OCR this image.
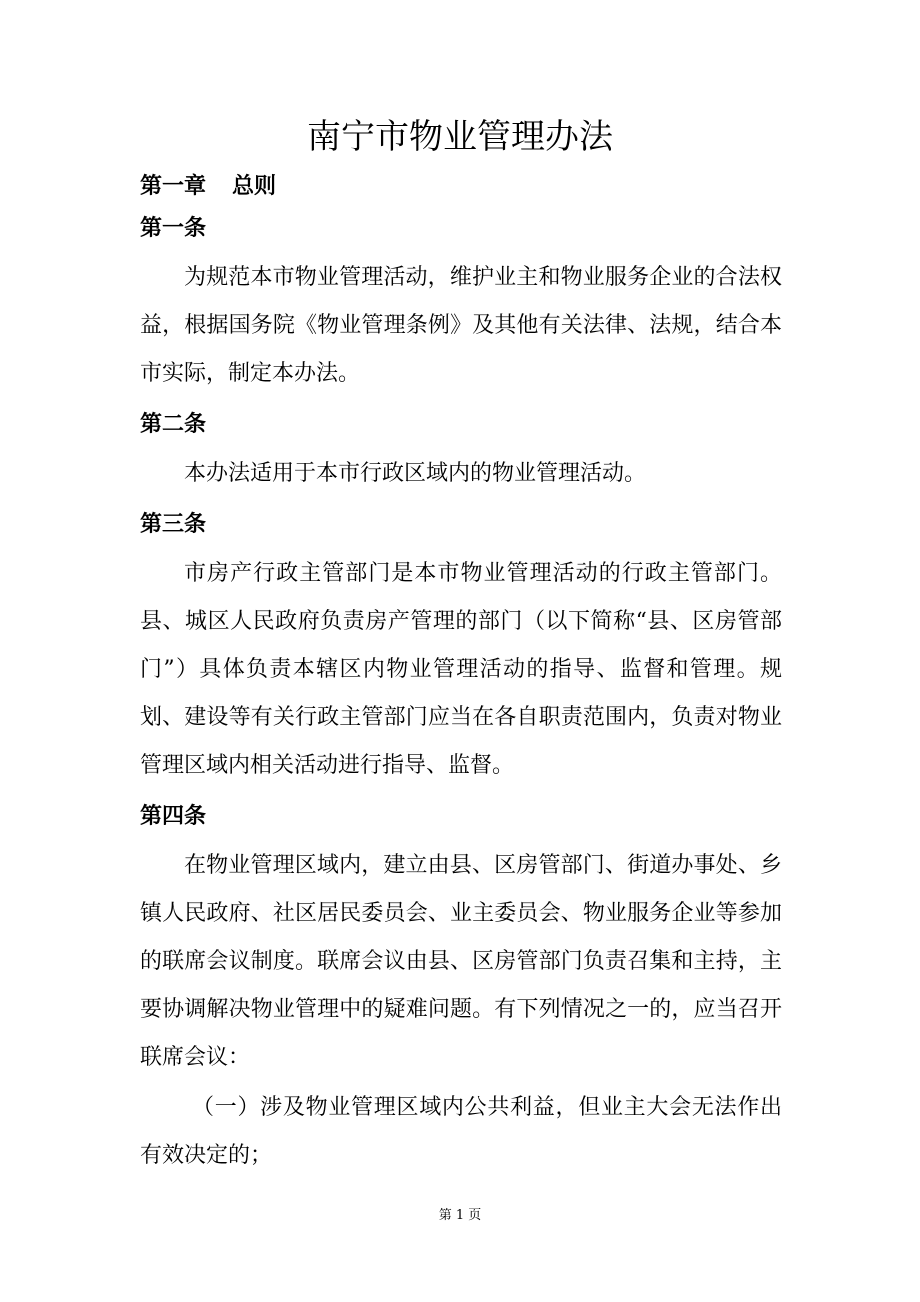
南宁市物业管理办法
第一章 总则
第一条

为规范本市物业管理活动，维护业主和物业服务企业的合法权益，根据国务院《物业管理条例》及其他有关法律、法规，结合本市实际，制定本办法。

第二条

本办法适用于本市行政区域内的物业管理活动。

第三条

市房产行政主管部门是本市物业管理活动的行政主管部门。县、城区人民政府负责房产管理的部门（以下简称“县、区房管部门”）具体负责本辖区内物业管理活动的指导、监督和管理。规划、建设等有关行政主管部门应当在各自职责范围内，负责对物业管理区域内相关活动进行指导、监督。

第四条

在物业管理区域内，建立由县、区房管部门、街道办事处、乡镇人民政府、社区居民委员会、业主委员会、物业服务企业等参加的联席会议制度。联席会议由县、区房管部门负责召集和主持，主要协调解决物业管理中的疑难问题。有下列情况之一的，应当召开联席会议：

（一）涉及物业管理区域内公共利益，但业主大会无法作出有效决定的；

第 1 页
